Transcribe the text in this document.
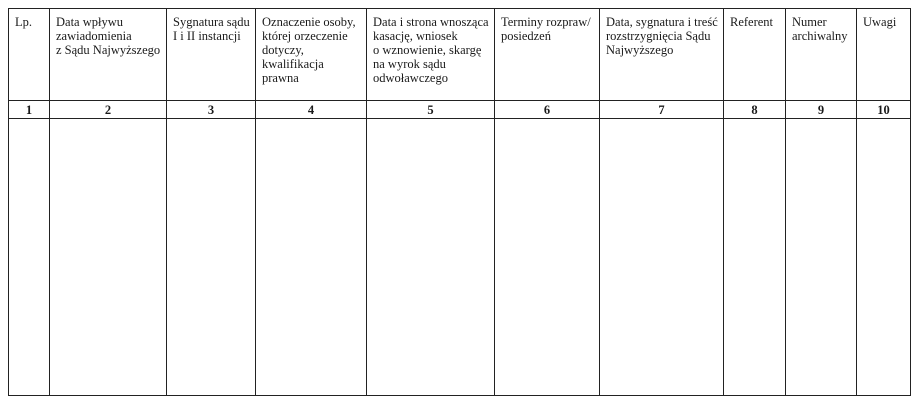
Lp.	Data wpływu
zawiadomienia
z Sądu Najwyższego	Sygnatura sądu
I i II instancji	Oznaczenie osoby,
której orzeczenie
dotyczy,
kwalifikacja
prawna	Data i strona wnosząca
kasację, wniosek
o wznowienie, skargę
na wyrok sądu
odwoławczego	Terminy rozpraw/
posiedzeń	Data, sygnatura i treść
rozstrzygnięcia Sądu
Najwyższego	Referent	Numer
archiwalny	Uwagi
1	2	3	4	5	6	7	8	9	10
